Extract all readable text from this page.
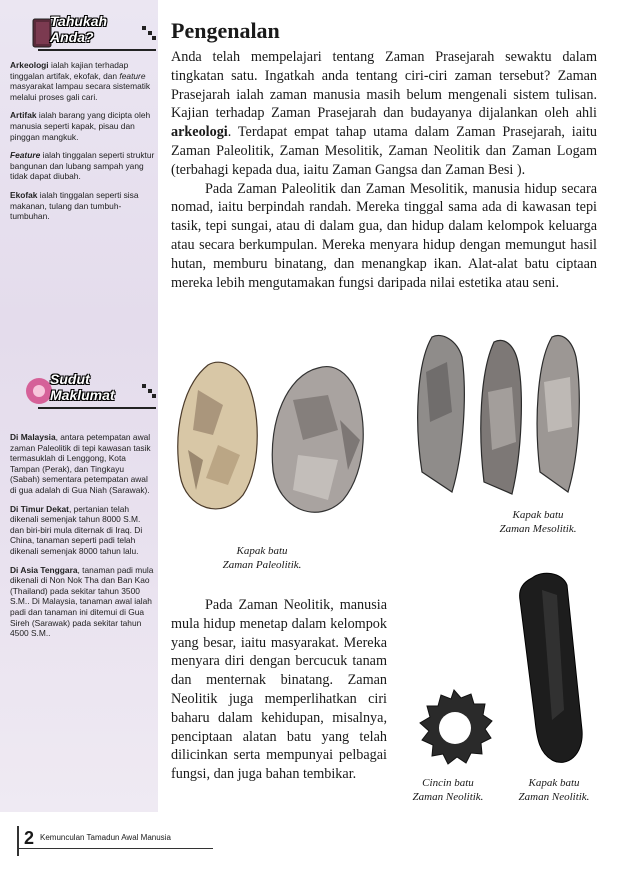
Tahukah
Anda?

Arkeologi ialah kajian terhadap tinggalan artifak, ekofak, dan feature masyarakat lampau secara sistematik melalui proses gali cari.

Artifak ialah barang yang dicipta oleh manusia seperti kapak, pisau dan pinggan mangkuk.

Feature ialah tinggalan seperti struktur bangunan dan lubang sampah yang tidak dapat diubah.

Ekofak ialah tinggalan seperti sisa makanan, tulang dan tumbuh-tumbuhan.

Sudut
Maklumat

Di Malaysia, antara petempatan awal zaman Paleolitik di tepi kawasan tasik termasuklah di Lenggong, Kota Tampan (Perak), dan Tingkayu (Sabah) sementara petempatan awal di gua adalah di Gua Niah (Sarawak).

Di Timur Dekat, pertanian telah dikenali semenjak tahun 8000 S.M. dan biri-biri mula diternak di Iraq. Di China, tanaman seperti padi telah dikenali semenjak 8000 tahun lalu.

Di Asia Tenggara, tanaman padi mula dikenali di Non Nok Tha dan Ban Kao (Thailand) pada sekitar tahun 3500 S.M.. Di Malaysia, tanaman awal ialah padi dan tanaman ini ditemui di Gua Sireh (Sarawak) pada sekitar tahun 4500 S.M..

Pengenalan

Anda telah mempelajari tentang Zaman Prasejarah sewaktu dalam tingkatan satu. Ingatkah anda tentang ciri-ciri zaman tersebut? Zaman Prasejarah ialah zaman manusia masih belum mengenali sistem tulisan. Kajian terhadap Zaman Prasejarah dan budayanya dijalankan oleh ahli arkeologi. Terdapat empat tahap utama dalam Zaman Prasejarah, iaitu Zaman Paleolitik, Zaman Mesolitik, Zaman Neolitik dan Zaman Logam (terbahagi kepada dua, iaitu Zaman Gangsa dan Zaman Besi ).

Pada Zaman Paleolitik dan Zaman Mesolitik, manusia hidup secara nomad, iaitu berpindah randah. Mereka tinggal sama ada di kawasan tepi tasik, tepi sungai, atau di dalam gua, dan hidup dalam kelompok keluarga atau secara berkumpulan. Mereka menyara hidup dengan memungut hasil hutan, memburu binatang, dan menangkap ikan. Alat-alat batu ciptaan mereka lebih mengutamakan fungsi daripada nilai estetika atau seni.

Kapak batu
Zaman Paleolitik.
Kapak batu
Zaman Mesolitik.

Pada Zaman Neolitik, manusia mula hidup menetap dalam kelompok yang besar, iaitu masyarakat. Mereka menyara diri dengan bercucuk tanam dan menternak binatang. Zaman Neolitik juga memperlihatkan ciri baharu dalam kehidupan, misalnya, penciptaan alatan batu yang telah dilicinkan serta mempunyai pelbagai fungsi, dan juga bahan tembikar.

Cincin batu
Zaman Neolitik.
Kapak batu
Zaman Neolitik.
2 Kemunculan Tamadun Awal Manusia
